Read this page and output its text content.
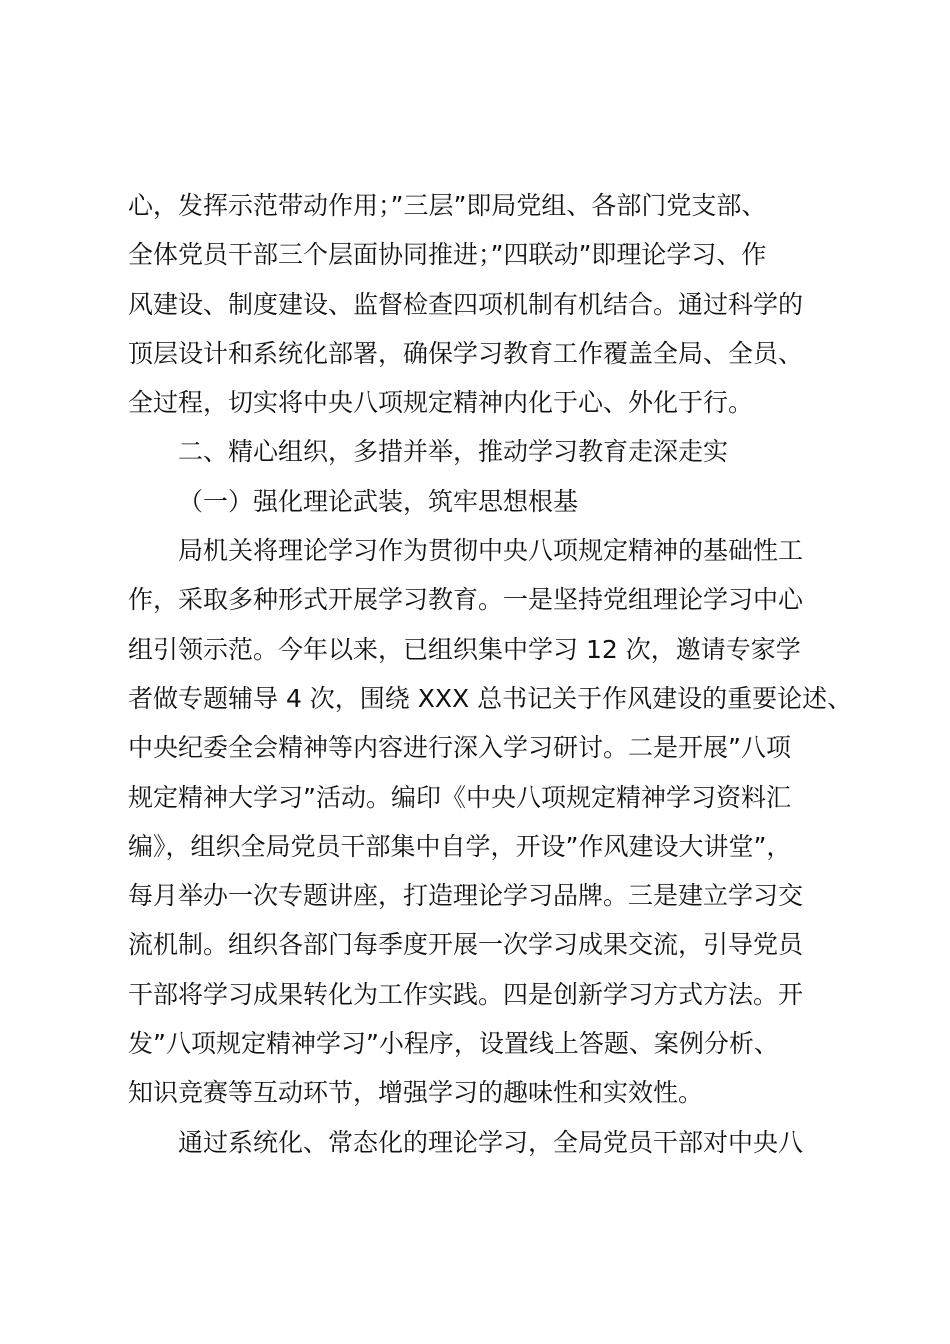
心，发挥示范带动作用；”三层”即局党组、各部门党支部、
全体党员干部三个层面协同推进；”四联动”即理论学习、作
风建设、制度建设、监督检查四项机制有机结合。通过科学的
顶层设计和系统化部署，确保学习教育工作覆盖全局、全员、
全过程，切实将中央八项规定精神内化于心、外化于行。
二、精心组织，多措并举，推动学习教育走深走实
（一）强化理论武装，筑牢思想根基
局机关将理论学习作为贯彻中央八项规定精神的基础性工
作，采取多种形式开展学习教育。一是坚持党组理论学习中心
组引领示范。今年以来，已组织集中学习 12 次，邀请专家学
者做专题辅导 4 次，围绕 XXX 总书记关于作风建设的重要论述、
中央纪委全会精神等内容进行深入学习研讨。二是开展”八项
规定精神大学习”活动。编印《中央八项规定精神学习资料汇
编》，组织全局党员干部集中自学，开设”作风建设大讲堂”，
每月举办一次专题讲座，打造理论学习品牌。三是建立学习交
流机制。组织各部门每季度开展一次学习成果交流，引导党员
干部将学习成果转化为工作实践。四是创新学习方式方法。开
发”八项规定精神学习”小程序，设置线上答题、案例分析、
知识竞赛等互动环节，增强学习的趣味性和实效性。
通过系统化、常态化的理论学习，全局党员干部对中央八
